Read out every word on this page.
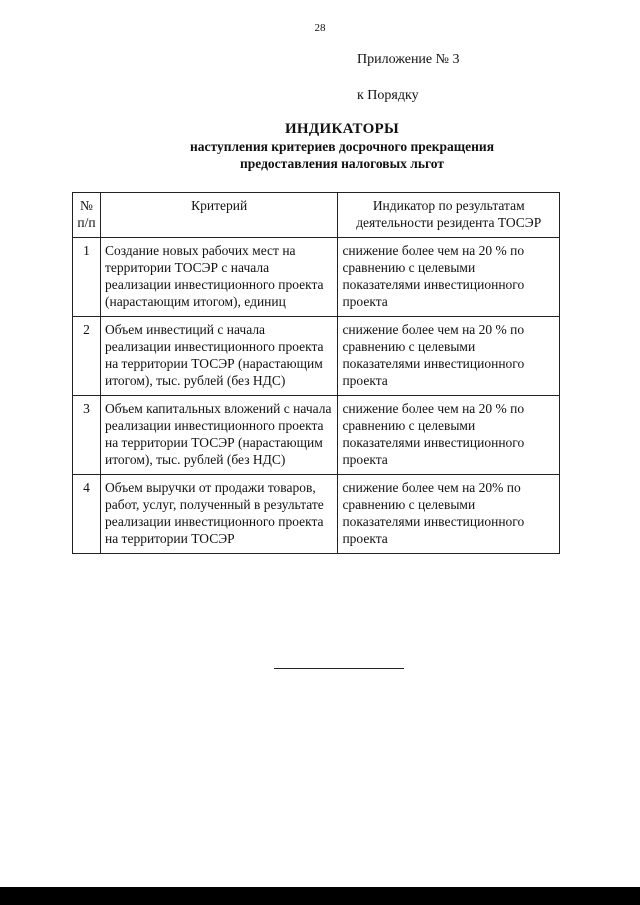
28
Приложение № 3
к Порядку
ИНДИКАТОРЫ
наступления критериев досрочного прекращения
предоставления налоговых льгот
№ п/п	Критерий	Индикатор по результатам деятельности резидента ТОСЭР
1	Создание новых рабочих мест на территории ТОСЭР с начала реализации инвестиционного проекта (нарастающим итогом), единиц	снижение более чем на 20 % по сравнению с целевыми показателями инвестиционного проекта
2	Объем инвестиций с начала реализации инвестиционного проекта на территории ТОСЭР (нарастающим итогом), тыс. рублей (без НДС)	снижение более чем на 20 % по сравнению с целевыми показателями инвестиционного проекта
3	Объем капитальных вложений с начала реализации инвестиционного проекта на территории ТОСЭР (нарастающим итогом), тыс. рублей (без НДС)	снижение более чем на 20 % по сравнению с целевыми показателями инвестиционного проекта
4	Объем выручки от продажи товаров, работ, услуг, полученный в результате реализации инвестиционного проекта на территории ТОСЭР	снижение более чем на 20% по сравнению с целевыми показателями инвестиционного проекта
